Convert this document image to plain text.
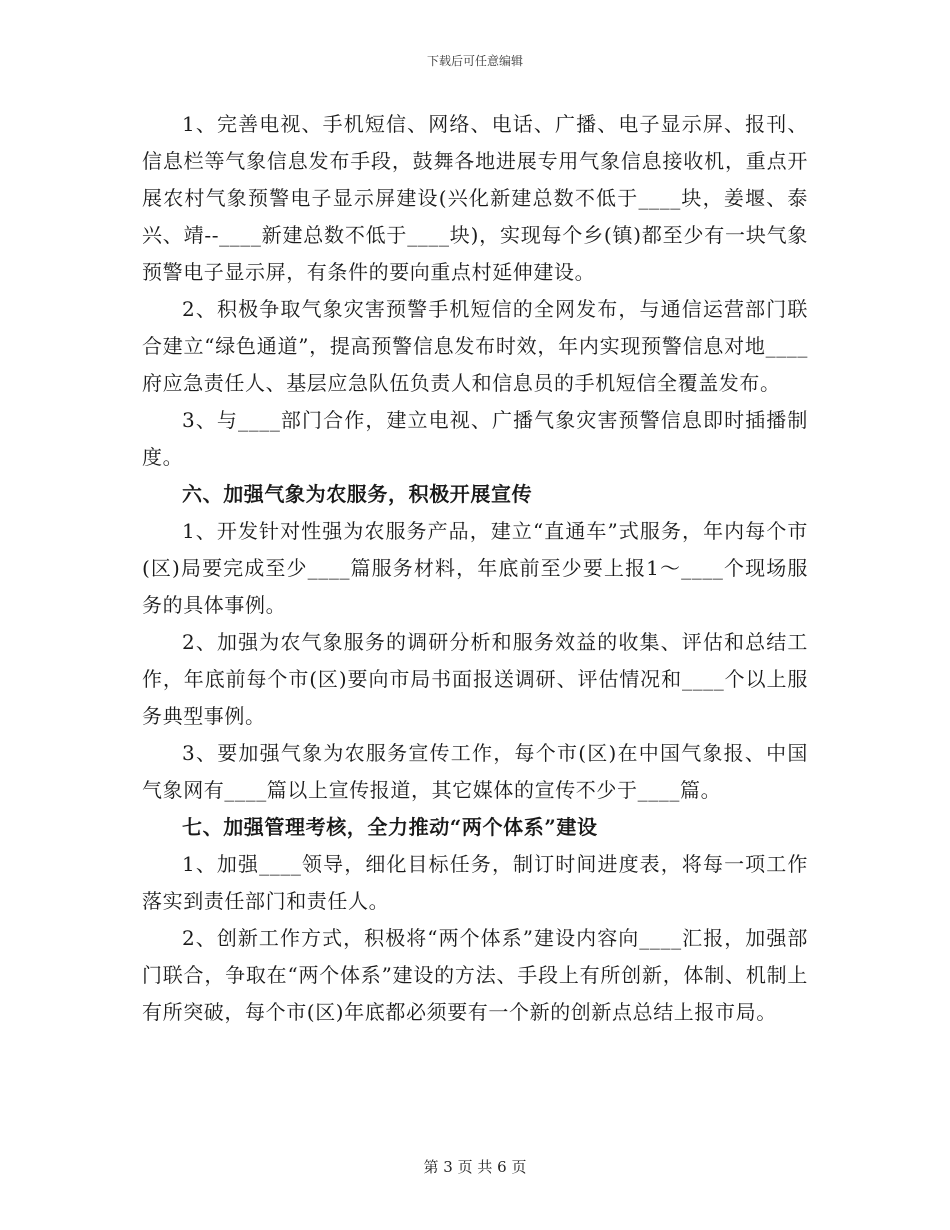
下载后可任意编辑

1、完善电视、手机短信、网络、电话、广播、电子显示屏、报刊、信息栏等气象信息发布手段，鼓舞各地进展专用气象信息接收机，重点开展农村气象预警电子显示屏建设(兴化新建总数不低于____块，姜堰、泰兴、靖--____新建总数不低于____块)，实现每个乡(镇)都至少有一块气象预警电子显示屏，有条件的要向重点村延伸建设。

2、积极争取气象灾害预警手机短信的全网发布，与通信运营部门联合建立“绿色通道”，提高预警信息发布时效，年内实现预警信息对地____府应急责任人、基层应急队伍负责人和信息员的手机短信全覆盖发布。

3、与____部门合作，建立电视、广播气象灾害预警信息即时插播制度。

六、加强气象为农服务，积极开展宣传

1、开发针对性强为农服务产品，建立“直通车”式服务，年内每个市(区)局要完成至少____篇服务材料，年底前至少要上报1～____个现场服务的具体事例。

2、加强为农气象服务的调研分析和服务效益的收集、评估和总结工作，年底前每个市(区)要向市局书面报送调研、评估情况和____个以上服务典型事例。

3、要加强气象为农服务宣传工作，每个市(区)在中国气象报、中国气象网有____篇以上宣传报道，其它媒体的宣传不少于____篇。

七、加强管理考核，全力推动“两个体系”建设

1、加强____领导，细化目标任务，制订时间进度表，将每一项工作落实到责任部门和责任人。

2、创新工作方式，积极将“两个体系”建设内容向____汇报，加强部门联合，争取在“两个体系”建设的方法、手段上有所创新，体制、机制上有所突破，每个市(区)年底都必须要有一个新的创新点总结上报市局。

第 3 页 共 6 页
